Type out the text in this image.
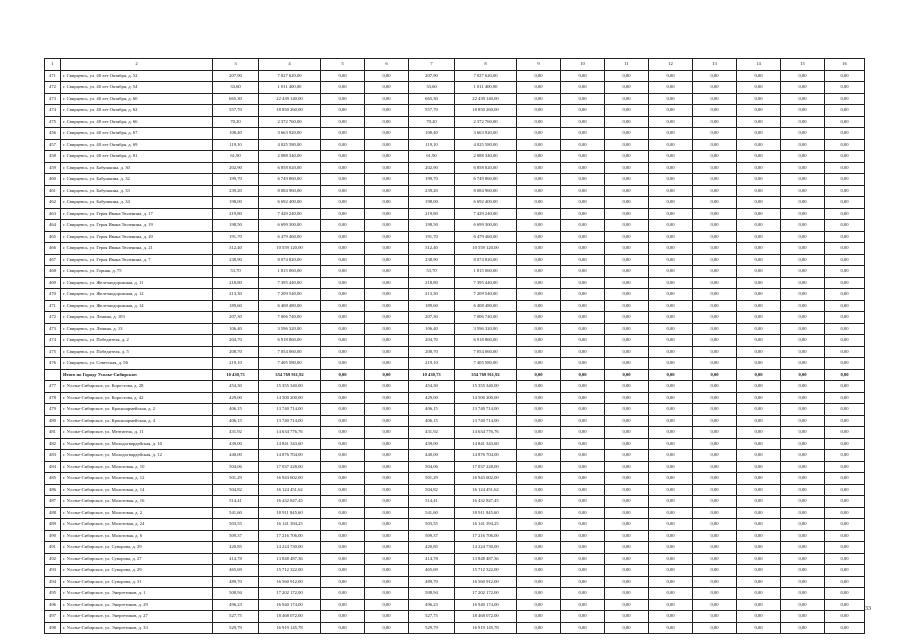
1	2	3	4	5	6	7	8	9	10	11	12	13	14	15	16
471	г. Свирцевсь, ул. 40 лет Октября, д. 52	207,90	7 027 620,00	0,00	0,00	207,90	7 027 620,00	0,00	0,00	0,00	0,00	0,00	0,00	0,00	0,00
472	г. Свирцевсь, ул. 40 лет Октября, д. 54	33,60	1 011 400,00	0,00	0,00	33,60	1 011 400,00	0,00	0,00	0,00	0,00	0,00	0,00	0,00	0,00
473	г. Свирцевсь, ул. 40 лет Октября, д. 60	665,30	22 439 140,00	0,00	0,00	665,30	22 439 140,00	0,00	0,00	0,00	0,00	0,00	0,00	0,00	0,00
474	г. Свирцевсь, ул. 40 лет Октября, д. 62	557,70	18 850 260,00	0,00	0,00	557,70	18 850 260,00	0,00	0,00	0,00	0,00	0,00	0,00	0,00	0,00
475	г. Свирцевсь, ул. 40 лет Октября, д. 66	70,20	2 372 760,00	0,00	0,00	70,20	2 372 760,00	0,00	0,00	0,00	0,00	0,00	0,00	0,00	0,00
456	г. Свирцевсь, ул. 40 лет Октября, д. 67	108,40	3 663 920,00	0,00	0,00	108,40	3 663 920,00	0,00	0,00	0,00	0,00	0,00	0,00	0,00	0,00
457	г. Свирцевсь, ул. 40 лет Октября, д. 69	119,10	4 025 580,00	0,00	0,00	119,10	4 025 580,00	0,00	0,00	0,00	0,00	0,00	0,00	0,00	0,00
458	г. Свирцевсь, ул. 40 лет Октября, д. 81	61,90	2 088 340,00	0,00	0,00	61,90	2 088 340,00	0,00	0,00	0,00	0,00	0,00	0,00	0,00	0,00
459	г. Свирцевсь, ул. Бабушкина, д. 30	202,90	6 858 020,00	0,00	0,00	202,90	6 858 020,00	0,00	0,00	0,00	0,00	0,00	0,00	0,00	0,00
460	г. Свирцевсь, ул. Бабушкина, д. 32	199,70	6 749 860,00	0,00	0,00	199,70	6 749 860,00	0,00	0,00	0,00	0,00	0,00	0,00	0,00	0,00
461	г. Свирцевсь, ул. Бабушкина, д. 33	239,20	8 084 960,00	0,00	0,00	239,20	8 084 960,00	0,00	0,00	0,00	0,00	0,00	0,00	0,00	0,00
462	г. Свирцевсь, ул. Бабушкина, д. 34	198,00	6 692 400,00	0,00	0,00	198,00	6 692 400,00	0,00	0,00	0,00	0,00	0,00	0,00	0,00	0,00
463	г. Свирцевсь, ул. Героя Ивана Тюленина, д. 17	219,80	7 429 240,00	0,00	0,00	219,80	7 429 240,00	0,00	0,00	0,00	0,00	0,00	0,00	0,00	0,00
464	г. Свирцевсь, ул. Героя Ивана Тюленина, д. 19	198,50	6 699 300,00	0,00	0,00	198,50	6 699 300,00	0,00	0,00	0,00	0,00	0,00	0,00	0,00	0,00
465	г. Свирцевсь, ул. Героя Ивана Тюленина, д. 20	191,70	6 479 460,00	0,00	0,00	191,70	6 479 460,00	0,00	0,00	0,00	0,00	0,00	0,00	0,00	0,00
466	г. Свирцевсь, ул. Героя Ивана Тюленина, д. 21	312,40	10 559 120,00	0,00	0,00	312,40	10 559 120,00	0,00	0,00	0,00	0,00	0,00	0,00	0,00	0,00
467	г. Свирцевсь, ул. Героя Ивана Тюленина, д. 7	238,90	8 074 820,00	0,00	0,00	238,90	8 074 820,00	0,00	0,00	0,00	0,00	0,00	0,00	0,00	0,00
468	г. Свирцевсь, ул. Горняк, д. 75	53,70	1 815 060,00	0,00	0,00	53,70	1 815 060,00	0,00	0,00	0,00	0,00	0,00	0,00	0,00	0,00
469	г. Свирцевсь, ул. Железнодорожная, д. 11	218,80	7 395 440,00	0,00	0,00	218,80	7 395 440,00	0,00	0,00	0,00	0,00	0,00	0,00	0,00	0,00
470	г. Свирцевсь, ул. Железнодорожная, д. 12	213,30	7 209 540,00	0,00	0,00	213,30	7 209 540,00	0,00	0,00	0,00	0,00	0,00	0,00	0,00	0,00
471	г. Свирцевсь, ул. Железнодорожная, д. 14	189,60	6 408 480,00	0,00	0,00	189,60	6 408 480,00	0,00	0,00	0,00	0,00	0,00	0,00	0,00	0,00
472	г. Свирцевсь, ул. Ленина, д. 103	207,30	7 006 740,00	0,00	0,00	207,30	7 006 740,00	0,00	0,00	0,00	0,00	0,00	0,00	0,00	0,00
473	г. Свирцевсь, ул. Ленина, д. 13	106,40	3 596 320,00	0,00	0,00	106,40	3 596 320,00	0,00	0,00	0,00	0,00	0,00	0,00	0,00	0,00
474	г. Свирцевсь, ул. Победителя, д. 2	204,70	6 918 860,00	0,00	0,00	204,70	6 918 860,00	0,00	0,00	0,00	0,00	0,00	0,00	0,00	0,00
475	г. Свирцевсь, ул. Победителя, д. 5	208,70	7 054 060,00	0,00	0,00	208,70	7 054 060,00	0,00	0,00	0,00	0,00	0,00	0,00	0,00	0,00
476	г. Свирцевсь, ул. Советская, д. 56	219,10	7 405 580,00	0,00	0,00	219,10	7 405 580,00	0,00	0,00	0,00	0,00	0,00	0,00	0,00	0,00
	Итого по Городу Усолье-Сибирское:	10 430,73	354 769 911,92	0,00	0,00	10 430,73	354 769 911,92	0,00	0,00	0,00	0,00	0,00	0,00	0,00	0,00
477	г. Усолье-Сибирское, ул. Коростова, д. 28	454,30	15 355 340,00	0,00	0,00	454,30	15 355 340,00	0,00	0,00	0,00	0,00	0,00	0,00	0,00	0,00
478	г. Усолье-Сибирское, ул. Коростова, д. 42	429,00	14 500 200,00	0,00	0,00	429,00	14 500 200,00	0,00	0,00	0,00	0,00	0,00	0,00	0,00	0,00
479	г. Усолье-Сибирское, ул. Красноармейская, д. 2	406,15	13 740 714,00	0,00	0,00	406,15	13 740 714,00	0,00	0,00	0,00	0,00	0,00	0,00	0,00	0,00
480	г. Усолье-Сибирское, ул. Красноармейская, д. 4	406,15	13 740 714,00	0,00	0,00	406,15	13 740 714,00	0,00	0,00	0,00	0,00	0,00	0,00	0,00	0,00
481	г. Усолье-Сибирское, ул. Мечтатель, д. 11	431,92	14 634 776,76	0,00	0,00	431,92	14 634 776,76	0,00	0,00	0,00	0,00	0,00	0,00	0,00	0,00
482	г. Усолье-Сибирское, ул. Молодогвардейская, д. 10	439,00	14 841 343,60	0,00	0,00	439,00	14 841 343,60	0,00	0,00	0,00	0,00	0,00	0,00	0,00	0,00
483	г. Усолье-Сибирское, ул. Молодогвардейская, д. 12	440,00	14 876 704,00	0,00	0,00	440,00	14 876 704,00	0,00	0,00	0,00	0,00	0,00	0,00	0,00	0,00
484	г. Усолье-Сибирское, ул. Молотовая, д. 10	504,06	17 037 228,00	0,00	0,00	504,06	17 037 228,00	0,00	0,00	0,00	0,00	0,00	0,00	0,00	0,00
485	г. Усолье-Сибирское, ул. Молотовая, д. 12	501,29	16 943 602,00	0,00	0,00	501,29	16 943 602,00	0,00	0,00	0,00	0,00	0,00	0,00	0,00	0,00
486	г. Усолье-Сибирское, ул. Молотовая, д. 14	504,82	16 124 451,62	0,00	0,00	504,82	16 124 451,62	0,00	0,00	0,00	0,00	0,00	0,00	0,00	0,00
487	г. Усолье-Сибирское, ул. Молотовая, д. 16	514,41	16 432 847,45	0,00	0,00	514,41	16 432 847,45	0,00	0,00	0,00	0,00	0,00	0,00	0,00	0,00
488	г. Усолье-Сибирское, ул. Молотовая, д. 2	541,60	18 911 845,60	0,00	0,00	541,60	18 911 845,60	0,00	0,00	0,00	0,00	0,00	0,00	0,00	0,00
489	г. Усолье-Сибирское, ул. Молотовая, д. 24	503,55	16 141 394,25	0,00	0,00	503,55	16 141 394,25	0,00	0,00	0,00	0,00	0,00	0,00	0,00	0,00
490	г. Усолье-Сибирское, ул. Молотовая, д. 6	509,37	17 216 706,00	0,00	0,00	509,37	17 216 706,00	0,00	0,00	0,00	0,00	0,00	0,00	0,00	0,00
491	г. Усолье-Сибирское, ул. Суворова, д. 29	420,85	14 224 730,00	0,00	0,00	420,85	14 224 730,00	0,00	0,00	0,00	0,00	0,00	0,00	0,00	0,00
492	г. Усолье-Сибирское, ул. Суворова, д. 27	414,78	13 848 487,36	0,00	0,00	414,78	13 848 487,36	0,00	0,00	0,00	0,00	0,00	0,00	0,00	0,00
493	г. Усолье-Сибирское, ул. Суворова, д. 29	465,69	15 712 322,00	0,00	0,00	465,69	15 712 322,00	0,00	0,00	0,00	0,00	0,00	0,00	0,00	0,00
494	г. Усолье-Сибирское, ул. Суворова, д. 31	489,70	16 560 912,00	0,00	0,00	489,70	16 560 912,00	0,00	0,00	0,00	0,00	0,00	0,00	0,00	0,00
495	г. Усолье-Сибирское, ул. Энергетиков, д. 1	508,94	17 202 172,00	0,00	0,00	508,94	17 202 172,00	0,00	0,00	0,00	0,00	0,00	0,00	0,00	0,00
496	г. Усолье-Сибирское, ул. Энергетиков, д. 29	496,23	16 940 174,00	0,00	0,00	496,23	16 940 174,00	0,00	0,00	0,00	0,00	0,00	0,00	0,00	0,00
497	г. Усолье-Сибирское, ул. Энергетиков, д. 27	527,75	18 468 072,00	0,00	0,00	527,75	18 468 072,00	0,00	0,00	0,00	0,00	0,00	0,00	0,00	0,00
498	г. Усолье-Сибирское, ул. Энергетиков, д. 33	529,79	16 919 145,78	0,00	0,00	529,79	16 919 145,78	0,00	0,00	0,00	0,00	0,00	0,00	0,00	0,00
33
